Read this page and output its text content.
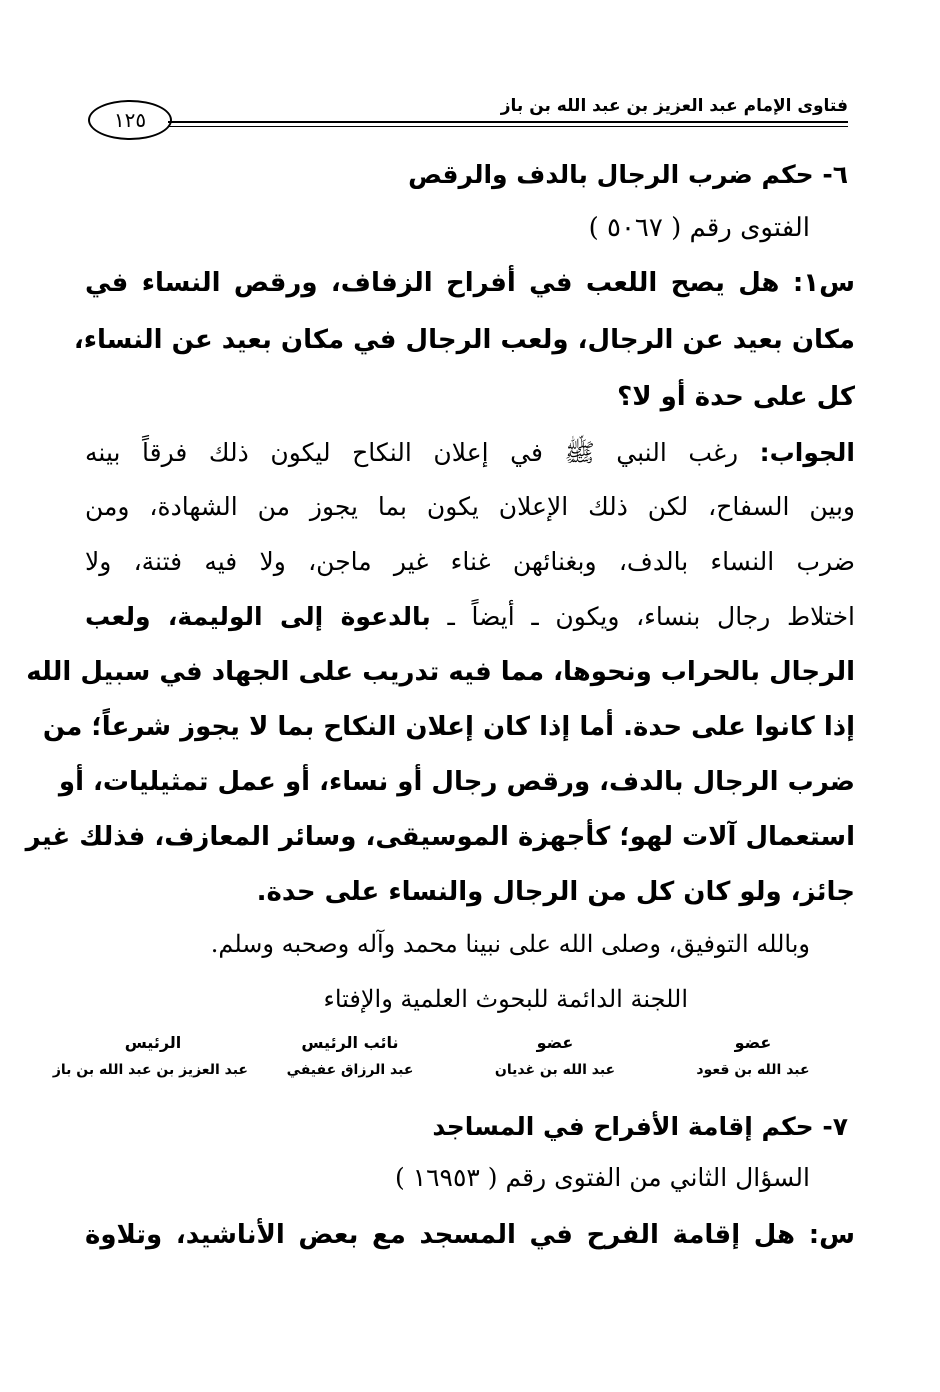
فتاوى الإمام عبد العزيز بن عبد الله بن باز
١٢٥
٦- حكم ضرب الرجال بالدف والرقص
الفتوى رقم ( ٥٠٦٧ )
س١: هل يصح اللعب في أفراح الزفاف، ورقص النساء في
مكان بعيد عن الرجال، ولعب الرجال في مكان بعيد عن النساء،
كل على حدة أو لا؟
الجواب: رغب النبي ﷺ في إعلان النكاح ليكون ذلك فرقاً بينه
وبين السفاح، لكن ذلك الإعلان يكون بما يجوز من الشهادة، ومن
ضرب النساء بالدف، وبغنائهن غناء غير ماجن، ولا فيه فتنة، ولا
اختلاط رجال بنساء، ويكون ـ أيضاً ـ بالدعوة إلى الوليمة، ولعب
الرجال بالحراب ونحوها، مما فيه تدريب على الجهاد في سبيل الله
إذا كانوا على حدة. أما إذا كان إعلان النكاح بما لا يجوز شرعاً؛ من
ضرب الرجال بالدف، ورقص رجال أو نساء، أو عمل تمثيليات، أو
استعمال آلات لهو؛ كأجهزة الموسيقى، وسائر المعازف، فذلك غير
جائز، ولو كان كل من الرجال والنساء على حدة.
وبالله التوفيق، وصلى الله على نبينا محمد وآله وصحبه وسلم.
اللجنة الدائمة للبحوث العلمية والإفتاء
عضو
عبد الله بن قعود
عضو
عبد الله بن غديان
نائب الرئيس
عبد الرزاق عفيفي
الرئيس
عبد العزيز بن عبد الله بن باز
٧- حكم إقامة الأفراح في المساجد
السؤال الثاني من الفتوى رقم ( ١٦٩٥٣ )
س: هل إقامة الفرح في المسجد مع بعض الأناشيد، وتلاوة
